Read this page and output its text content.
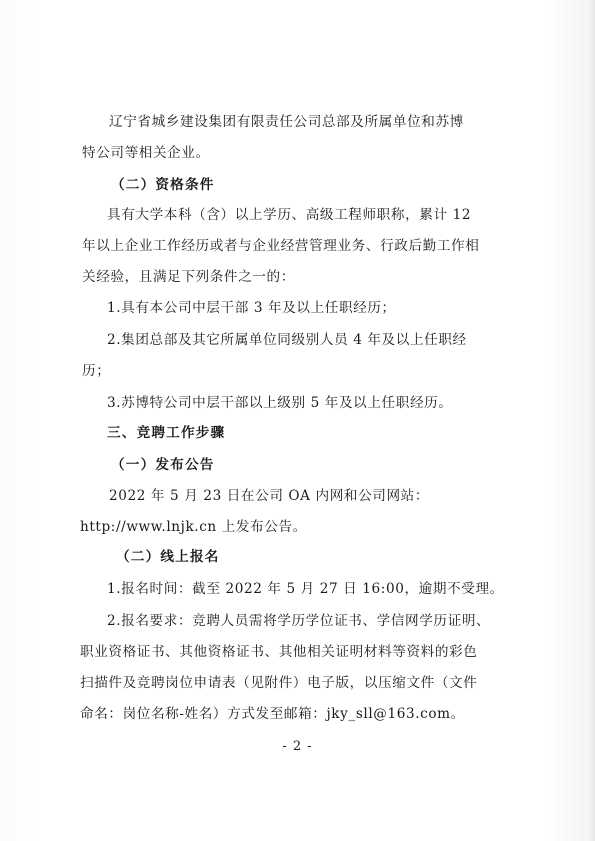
辽宁省城乡建设集团有限责任公司总部及所属单位和苏博
特公司等相关企业。
（二）资格条件
具有大学本科（含）以上学历、高级工程师职称，累计 12
年以上企业工作经历或者与企业经营管理业务、行政后勤工作相
关经验，且满足下列条件之一的：
1.具有本公司中层干部 3 年及以上任职经历；
2.集团总部及其它所属单位同级别人员 4 年及以上任职经
历；
3.苏博特公司中层干部以上级别 5 年及以上任职经历。
三、竞聘工作步骤
（一）发布公告
2022 年 5 月 23 日在公司 OA 内网和公司网站：
http://www.lnjk.cn 上发布公告。
（二）线上报名
1.报名时间：截至 2022 年 5 月 27 日 16:00，逾期不受理。
2.报名要求：竞聘人员需将学历学位证书、学信网学历证明、
职业资格证书、其他资格证书、其他相关证明材料等资料的彩色
扫描件及竞聘岗位申请表（见附件）电子版，以压缩文件（文件
命名：岗位名称-姓名）方式发至邮箱：jky_sll@163.com。
- 2 -
